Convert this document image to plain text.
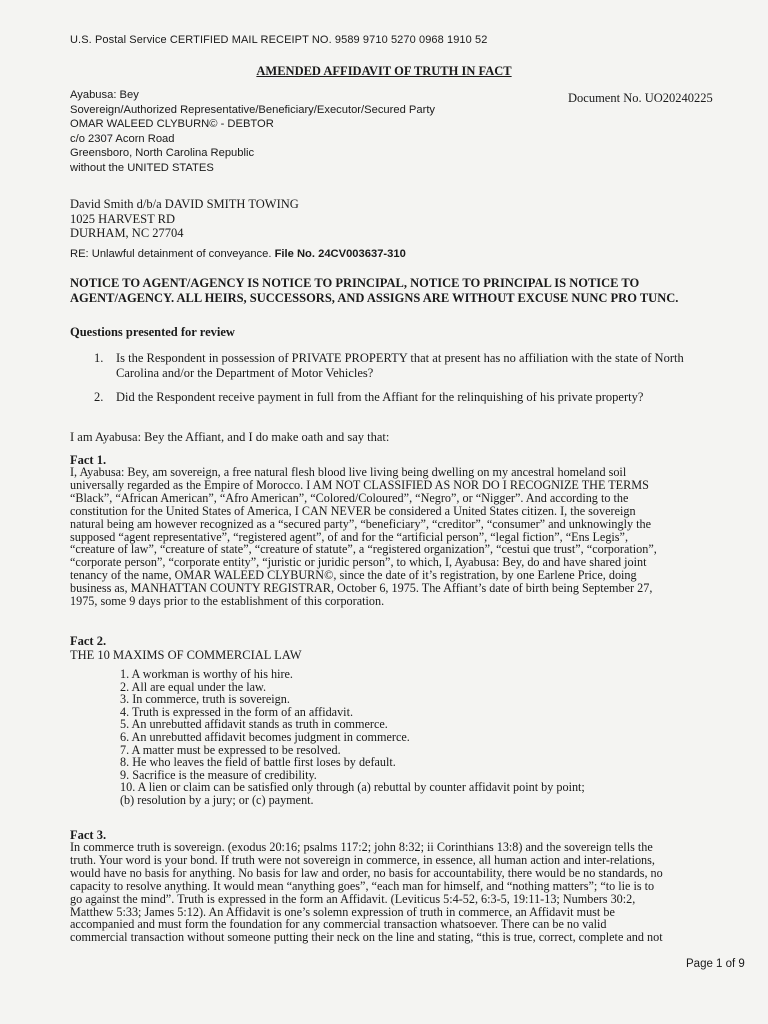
U.S. Postal Service CERTIFIED MAIL RECEIPT NO. 9589 9710 5270 0968 1910 52
AMENDED AFFIDAVIT OF TRUTH IN FACT
Ayabusa: Bey
Sovereign/Authorized Representative/Beneficiary/Executor/Secured Party
OMAR WALEED CLYBURN© - DEBTOR
c/o 2307 Acorn Road
Greensboro, North Carolina Republic
without the UNITED STATES
Document No. UO20240225
David Smith d/b/a DAVID SMITH TOWING
1025 HARVEST RD
DURHAM, NC 27704
RE: Unlawful detainment of conveyance. File No. 24CV003637-310
NOTICE TO AGENT/AGENCY IS NOTICE TO PRINCIPAL, NOTICE TO PRINCIPAL IS NOTICE TO AGENT/AGENCY. ALL HEIRS, SUCCESSORS, AND ASSIGNS ARE WITHOUT EXCUSE NUNC PRO TUNC.
Questions presented for review
1. Is the Respondent in possession of PRIVATE PROPERTY that at present has no affiliation with the state of North
Carolina and/or the Department of Motor Vehicles?
2. Did the Respondent receive payment in full from the Affiant for the relinquishing of his private property?
I am Ayabusa: Bey the Affiant, and I do make oath and say that:
Fact 1.
I, Ayabusa: Bey, am sovereign, a free natural flesh blood live living being dwelling on my ancestral homeland soil
universally regarded as the Empire of Morocco. I AM NOT CLASSIFIED AS NOR DO I RECOGNIZE THE TERMS
“Black”, “African American”, “Afro American”, “Colored/Coloured”, “Negro”, or “Nigger”. And according to the
constitution for the United States of America, I CAN NEVER be considered a United States citizen. I, the sovereign
natural being am however recognized as a “secured party”, “beneficiary”, “creditor”, “consumer” and unknowingly the
supposed “agent representative”, “registered agent”, of and for the “artificial person”, “legal fiction”, “Ens Legis”,
“creature of law”, “creature of state”, “creature of statute”, a “registered organization”, “cestui que trust”, “corporation”,
“corporate person”, “corporate entity”, “juristic or juridic person”, to which, I, Ayabusa: Bey, do and have shared joint
tenancy of the name, OMAR WALEED CLYBURN©, since the date of it’s registration, by one Earlene Price, doing
business as, MANHATTAN COUNTY REGISTRAR, October 6, 1975. The Affiant’s date of birth being September 27,
1975, some 9 days prior to the establishment of this corporation.
Fact 2.
THE 10 MAXIMS OF COMMERCIAL LAW
1. A workman is worthy of his hire.
2. All are equal under the law.
3. In commerce, truth is sovereign.
4. Truth is expressed in the form of an affidavit.
5. An unrebutted affidavit stands as truth in commerce.
6. An unrebutted affidavit becomes judgment in commerce.
7. A matter must be expressed to be resolved.
8. He who leaves the field of battle first loses by default.
9. Sacrifice is the measure of credibility.
10. A lien or claim can be satisfied only through (a) rebuttal by counter affidavit point by point;
(b) resolution by a jury; or (c) payment.
Fact 3.
In commerce truth is sovereign. (exodus 20:16; psalms 117:2; john 8:32; ii Corinthians 13:8) and the sovereign tells the
truth. Your word is your bond. If truth were not sovereign in commerce, in essence, all human action and inter-relations,
would have no basis for anything. No basis for law and order, no basis for accountability, there would be no standards, no
capacity to resolve anything. It would mean “anything goes”, “each man for himself, and “nothing matters”; “to lie is to
go against the mind”. Truth is expressed in the form an Affidavit. (Leviticus 5:4-52, 6:3-5, 19:11-13; Numbers 30:2,
Matthew 5:33; James 5:12). An Affidavit is one’s solemn expression of truth in commerce, an Affidavit must be
accompanied and must form the foundation for any commercial transaction whatsoever. There can be no valid
commercial transaction without someone putting their neck on the line and stating, “this is true, correct, complete and not
Page 1 of 9
